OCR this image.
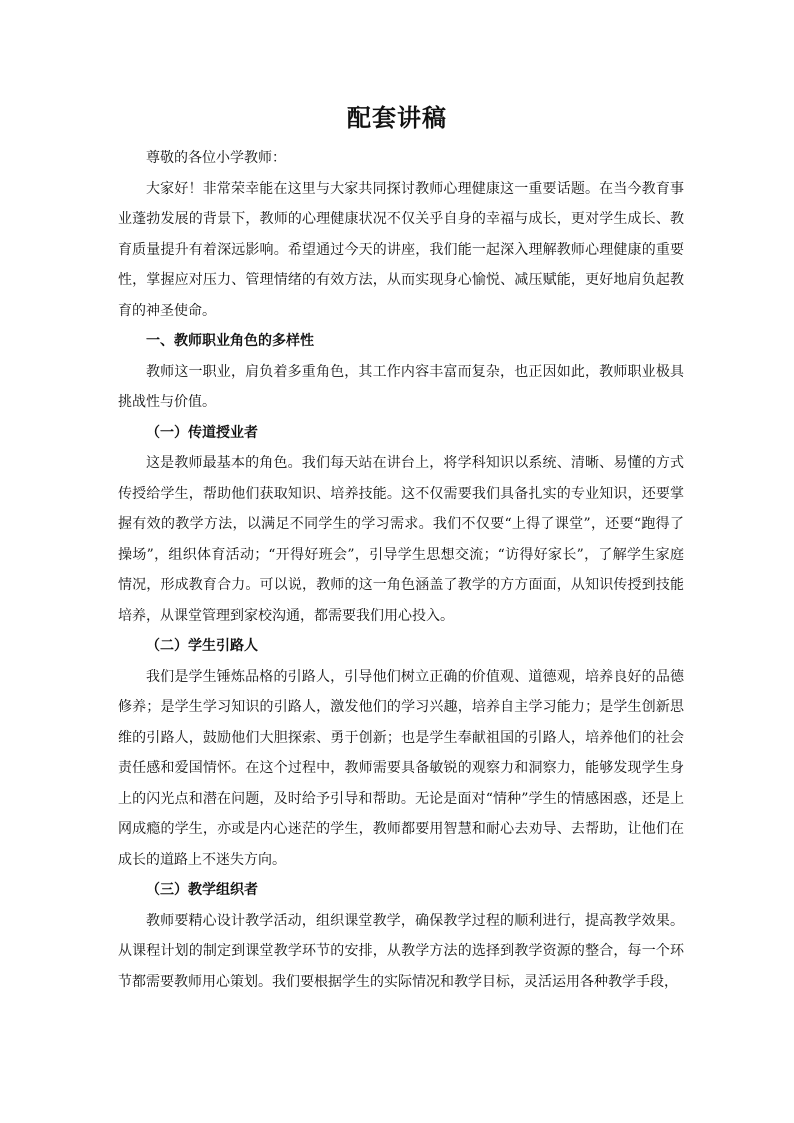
配套讲稿

尊敬的各位小学教师：

大家好！非常荣幸能在这里与大家共同探讨教师心理健康这一重要话题。在当今教育事业蓬勃发展的背景下，教师的心理健康状况不仅关乎自身的幸福与成长，更对学生成长、教育质量提升有着深远影响。希望通过今天的讲座，我们能一起深入理解教师心理健康的重要性，掌握应对压力、管理情绪的有效方法，从而实现身心愉悦、减压赋能，更好地肩负起教育的神圣使命。

一、教师职业角色的多样性

教师这一职业，肩负着多重角色，其工作内容丰富而复杂，也正因如此，教师职业极具挑战性与价值。

（一）传道授业者

这是教师最基本的角色。我们每天站在讲台上，将学科知识以系统、清晰、易懂的方式传授给学生，帮助他们获取知识、培养技能。这不仅需要我们具备扎实的专业知识，还要掌握有效的教学方法，以满足不同学生的学习需求。我们不仅要“上得了课堂”，还要“跑得了操场”，组织体育活动；“开得好班会”，引导学生思想交流；“访得好家长”，了解学生家庭情况，形成教育合力。可以说，教师的这一角色涵盖了教学的方方面面，从知识传授到技能培养，从课堂管理到家校沟通，都需要我们用心投入。

（二）学生引路人

我们是学生锤炼品格的引路人，引导他们树立正确的价值观、道德观，培养良好的品德修养；是学生学习知识的引路人，激发他们的学习兴趣，培养自主学习能力；是学生创新思维的引路人，鼓励他们大胆探索、勇于创新；也是学生奉献祖国的引路人，培养他们的社会责任感和爱国情怀。在这个过程中，教师需要具备敏锐的观察力和洞察力，能够发现学生身上的闪光点和潜在问题，及时给予引导和帮助。无论是面对“情种”学生的情感困惑，还是上网成瘾的学生，亦或是内心迷茫的学生，教师都要用智慧和耐心去劝导、去帮助，让他们在成长的道路上不迷失方向。

（三）教学组织者

教师要精心设计教学活动，组织课堂教学，确保教学过程的顺利进行，提高教学效果。从课程计划的制定到课堂教学环节的安排，从教学方法的选择到教学资源的整合，每一个环节都需要教师用心策划。我们要根据学生的实际情况和教学目标，灵活运用各种教学手段，
